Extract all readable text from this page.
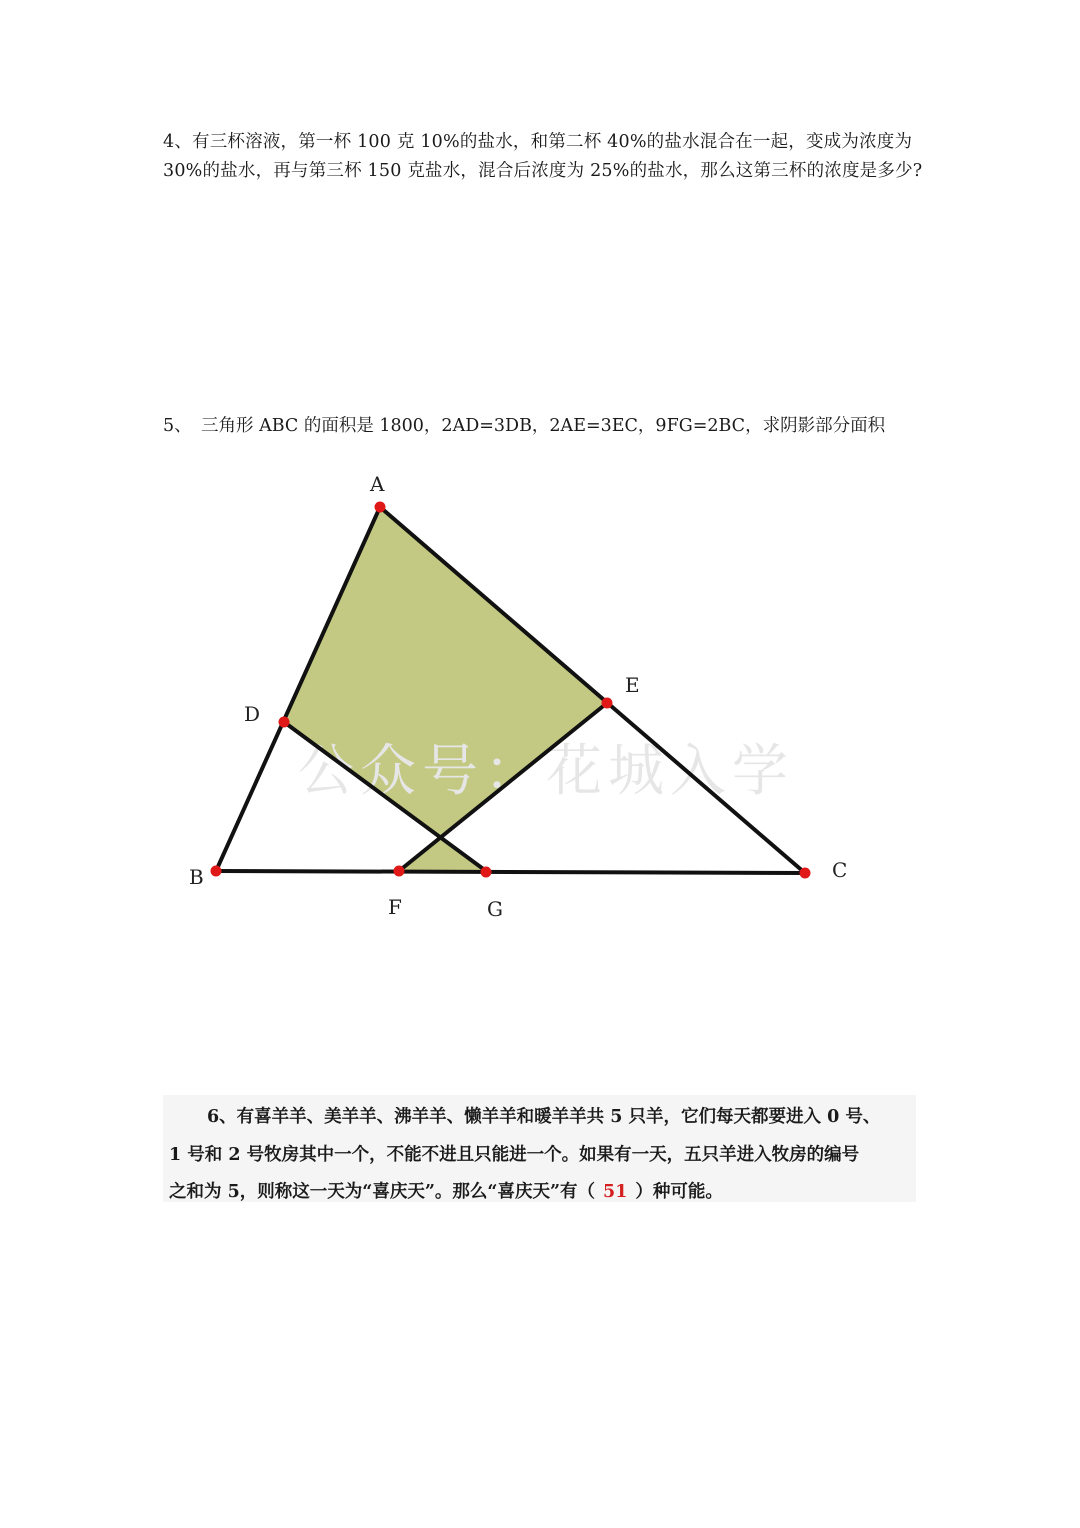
4、有三杯溶液，第一杯 100 克 10%的盐水，和第二杯 40%的盐水混合在一起，变成为浓度为 30%的盐水，再与第三杯 150 克盐水，混合后浓度为 25%的盐水，那么这第三杯的浓度是多少?
5、 三角形 ABC 的面积是 1800，2AD=3DB，2AE=3EC，9FG=2BC，求阴影部分面积
公众号：花城入学
A
B	C
D
E
F	G
6、有喜羊羊、美羊羊、沸羊羊、懒羊羊和暖羊羊共 5 只羊，它们每天都要进入 0 号、
1 号和 2 号牧房其中一个，不能不进且只能进一个。如果有一天，五只羊进入牧房的编号
之和为 5，则称这一天为“喜庆天”。那么“喜庆天”有（ 51 ）种可能。
